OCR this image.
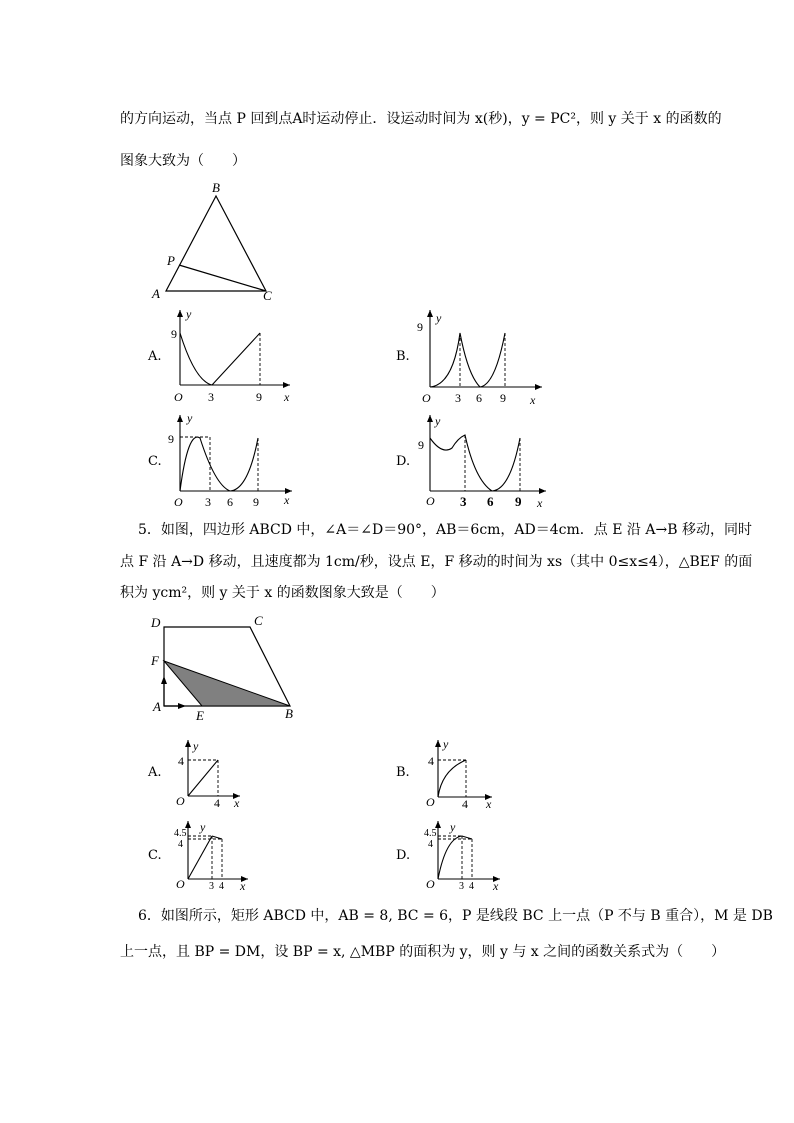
的方向运动，当点 P 回到点A时运动停止．设运动时间为 x(秒)，y = PC²，则 y 关于 x 的函数的
图象大致为（　　）
B
P
A	C
A.
9
3	9
O	x
y
B.
9
3 6 9
O	x
y
C.
9
3 6 9
O	x
y
D.
9
3 6 9
O	x
y
5．如图，四边形 ABCD 中，∠A＝∠D＝90°，AB＝6cm，AD＝4cm．点 E 沿 A→B 移动，同时
点 F 沿 A→D 移动，且速度都为 1cm/秒，设点 E，F 移动的时间为 xs（其中 0≤x≤4），△BEF 的面
积为 ycm²，则 y 关于 x 的函数图象大致是（　　）
D	C
F
A
E	B
A.
4
4
O	x
y
B.
4
4
O	x
y
C.
4.5
4
3 4
O	x
y
D.
4.5
4
3 4
O	x
y
6．如图所示，矩形 ABCD 中，AB = 8, BC = 6，P 是线段 BC 上一点（P 不与 B 重合），M 是 DB
上一点，且 BP = DM，设 BP = x, △MBP 的面积为 y，则 y 与 x 之间的函数关系式为（　　）
